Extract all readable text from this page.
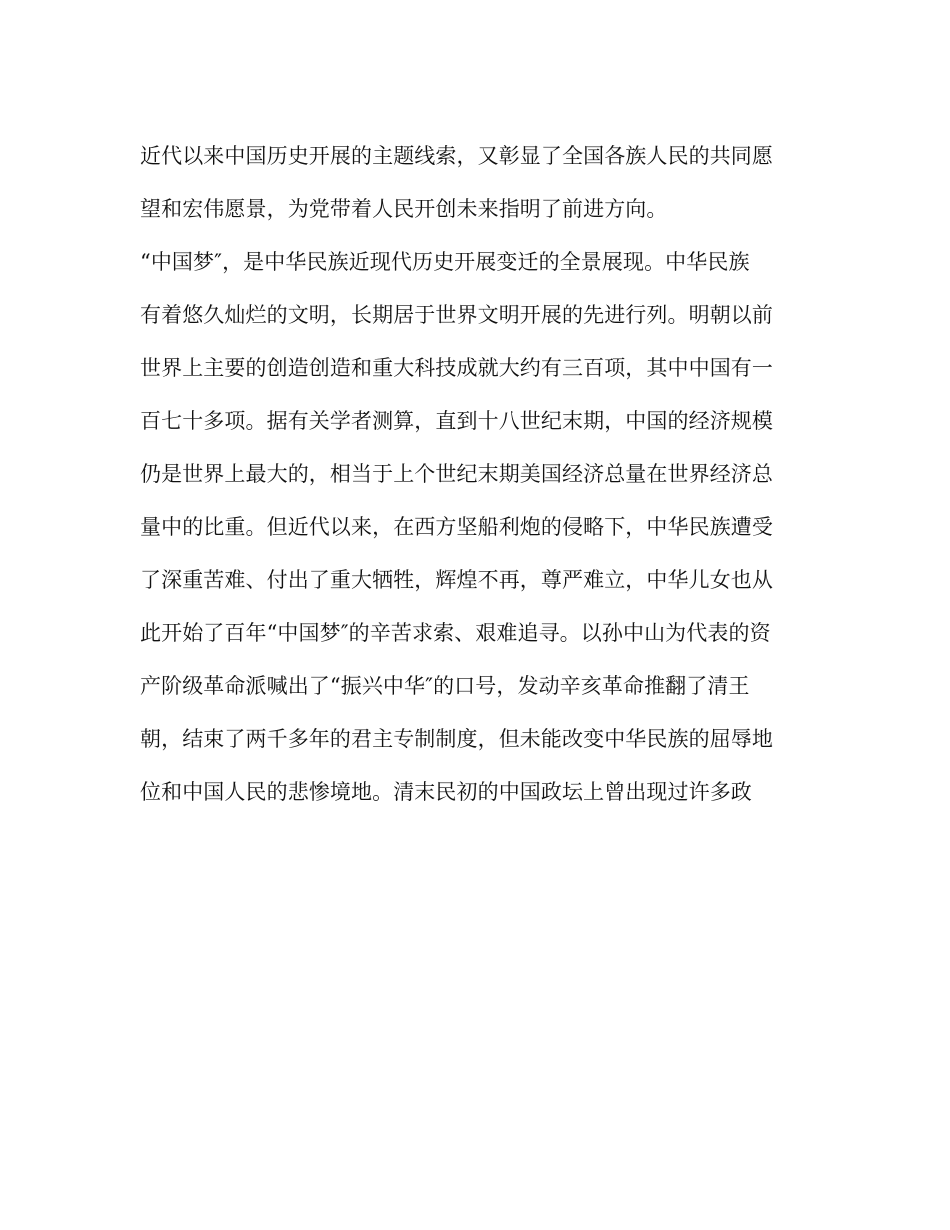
近代以来中国历史开展的主题线索，又彰显了全国各族人民的共同愿

望和宏伟愿景，为党带着人民开创未来指明了前进方向。

“中国梦″，是中华民族近现代历史开展变迁的全景展现。中华民族

有着悠久灿烂的文明，长期居于世界文明开展的先进行列。明朝以前

世界上主要的创造创造和重大科技成就大约有三百项，其中中国有一

百七十多项。据有关学者测算，直到十八世纪末期，中国的经济规模

仍是世界上最大的，相当于上个世纪末期美国经济总量在世界经济总

量中的比重。但近代以来，在西方坚船利炮的侵略下，中华民族遭受

了深重苦难、付出了重大牺牲，辉煌不再，尊严难立，中华儿女也从

此开始了百年“中国梦″的辛苦求索、艰难追寻。以孙中山为代表的资

产阶级革命派喊出了“振兴中华″的口号，发动辛亥革命推翻了清王

朝，结束了两千多年的君主专制制度，但未能改变中华民族的屈辱地

位和中国人民的悲惨境地。清末民初的中国政坛上曾出现过许多政
